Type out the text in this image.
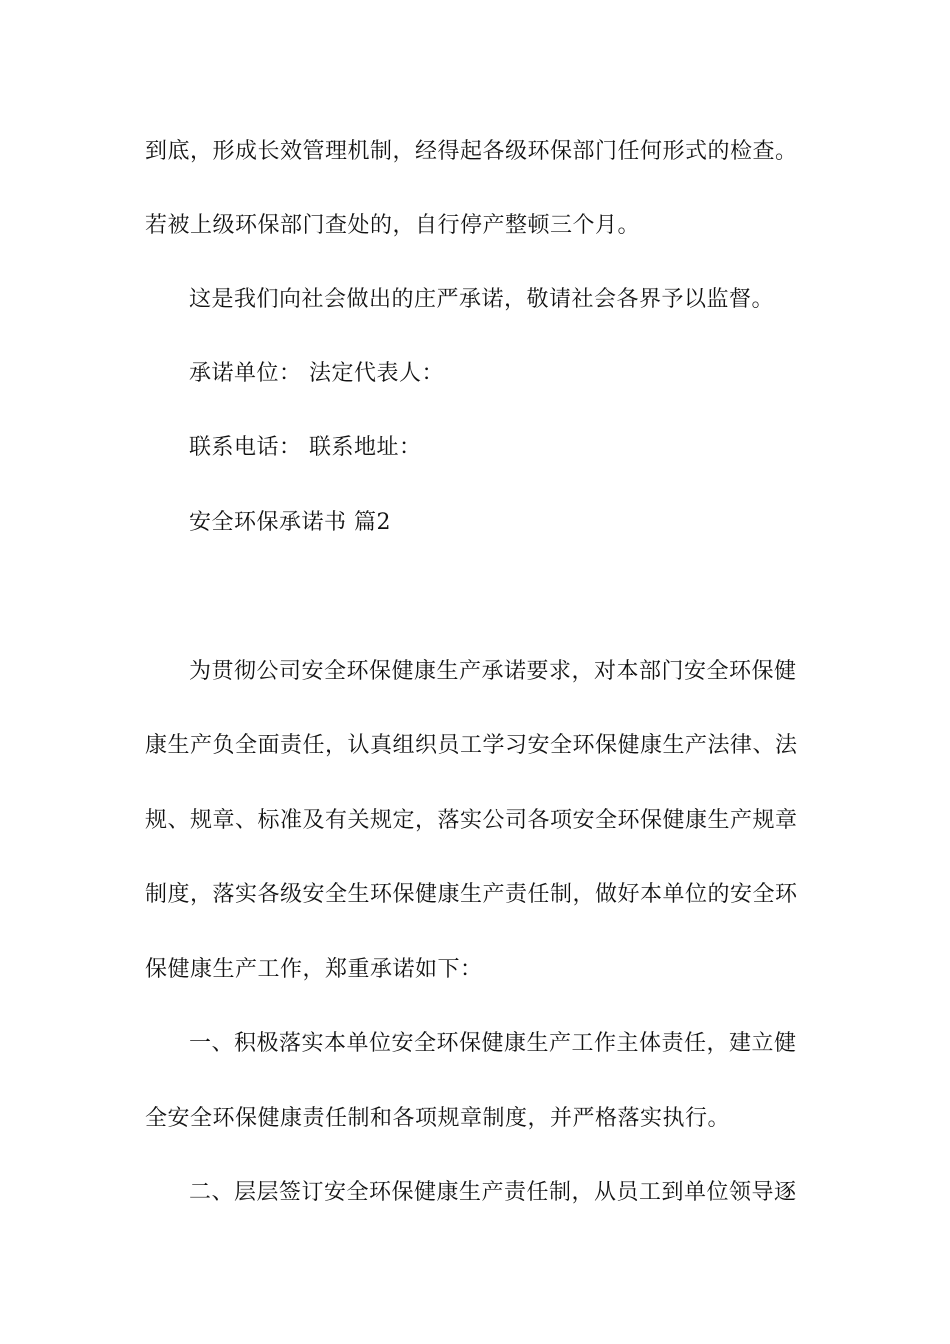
到底，形成长效管理机制，经得起各级环保部门任何形式的检查。
若被上级环保部门查处的，自行停产整顿三个月。
这是我们向社会做出的庄严承诺，敬请社会各界予以监督。
承诺单位： 法定代表人：
联系电话： 联系地址：
安全环保承诺书 篇2
为贯彻公司安全环保健康生产承诺要求，对本部门安全环保健
康生产负全面责任，认真组织员工学习安全环保健康生产法律、法
规、规章、标准及有关规定，落实公司各项安全环保健康生产规章
制度，落实各级安全生环保健康生产责任制，做好本单位的安全环
保健康生产工作，郑重承诺如下：
一、积极落实本单位安全环保健康生产工作主体责任，建立健
全安全环保健康责任制和各项规章制度，并严格落实执行。
二、层层签订安全环保健康生产责任制，从员工到单位领导逐
